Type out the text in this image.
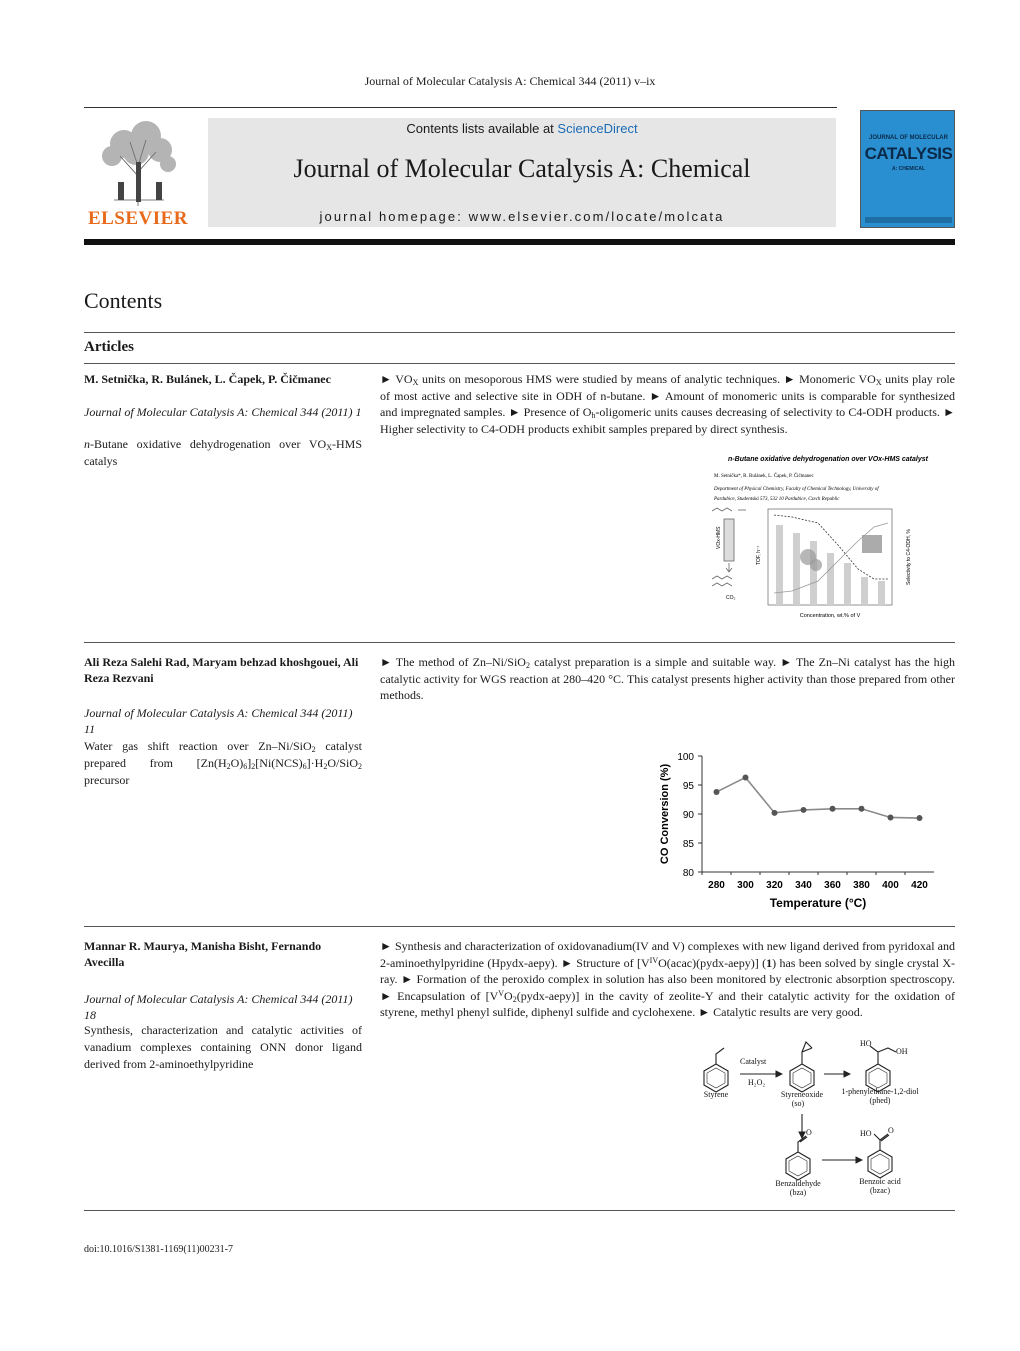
Journal of Molecular Catalysis A: Chemical 344 (2011) v–ix
ELSEVIER
Contents lists available at ScienceDirect
Journal of Molecular Catalysis A: Chemical
journal homepage: www.elsevier.com/locate/molcata
JOURNAL OF MOLECULAR
CATALYSIS
A: CHEMICAL
Contents
Articles
M. Setnička, R. Bulánek, L. Čapek, P. Čičmanec
Journal of Molecular Catalysis A: Chemical 344 (2011) 1
n-Butane oxidative dehydrogenation over $VO_X$-HMS catalys
► $VO_X$ units on mesoporous HMS were studied by means of analytic techniques. ► Monomeric $VO_X$ units play role of most active and selective site in ODH of n-butane. ► Amount of monomeric units is comparable for synthesized and impregnated samples. ► Presence of $O_h$-oligomeric units causes decreasing of selectivity to C4-ODH products. ► Higher selectivity to C4-ODH products exhibit samples prepared by direct synthesis.
n-Butane oxidative dehydrogenation over VOx-HMS catalyst
M. Setnička*, R. Bulánek, L. Čapek, P. Čičmanec
Department of Physical Chemistry, Faculty of Chemical Technology, University of
Pardubice, Studentská 573, 532 10 Pardubice, Czech Republic
VOx-HMS
CO₂
Concentration, wt.% of V
TOF, h⁻¹	Selectivity to C4-ODH, %
Ali Reza Salehi Rad, Maryam behzad khoshgouei, Ali Reza Rezvani
Journal of Molecular Catalysis A: Chemical 344 (2011) 11
Water gas shift reaction over Zn–Ni/SiO$_2$ catalyst prepared from $[Zn(H_2O)_6]_2[Ni(NCS)_6]\cdot H_2O/SiO_2$ precursor
► The method of Zn–Ni/SiO$_2$ catalyst preparation is a simple and suitable way. ► The Zn–Ni catalyst has the high catalytic activity for WGS reaction at 280–420 °C. This catalyst presents higher activity than those prepared from other methods.
80
85
90
95
100
280 300 320 340 360 380 400 420
Temperature (°C)
CO Conversion (%)
Mannar R. Maurya, Manisha Bisht, Fernando Avecilla
Journal of Molecular Catalysis A: Chemical 344 (2011) 18
Synthesis, characterization and catalytic activities of vanadium complexes containing ONN donor ligand derived from 2-aminoethylpyridine
► Synthesis and characterization of oxidovanadium(IV and V) complexes with new ligand derived from pyridoxal and 2-aminoethylpyridine (Hpydx-aepy). ► Structure of $[V^{IV}O(acac)(pydx-aepy)]$ (1) has been solved by single crystal X-ray. ► Formation of the peroxido complex in solution has also been monitored by electronic absorption spectroscopy. ► Encapsulation of $[V^VO_2(pydx-aepy)]$ in the cavity of zeolite-Y and their catalytic activity for the oxidation of styrene, methyl phenyl sulfide, diphenyl sulfide and cyclohexene. ► Catalytic results are very good.
Catalyst
H₂O₂
Styrene	Styreneoxide
(so)
1-phenylethane-1,2-diol
(phed)
Benzaldehyde
(bza)
Benzoic acid
(bzac)
HO
OH
O	HO O
doi:10.1016/S1381-1169(11)00231-7
